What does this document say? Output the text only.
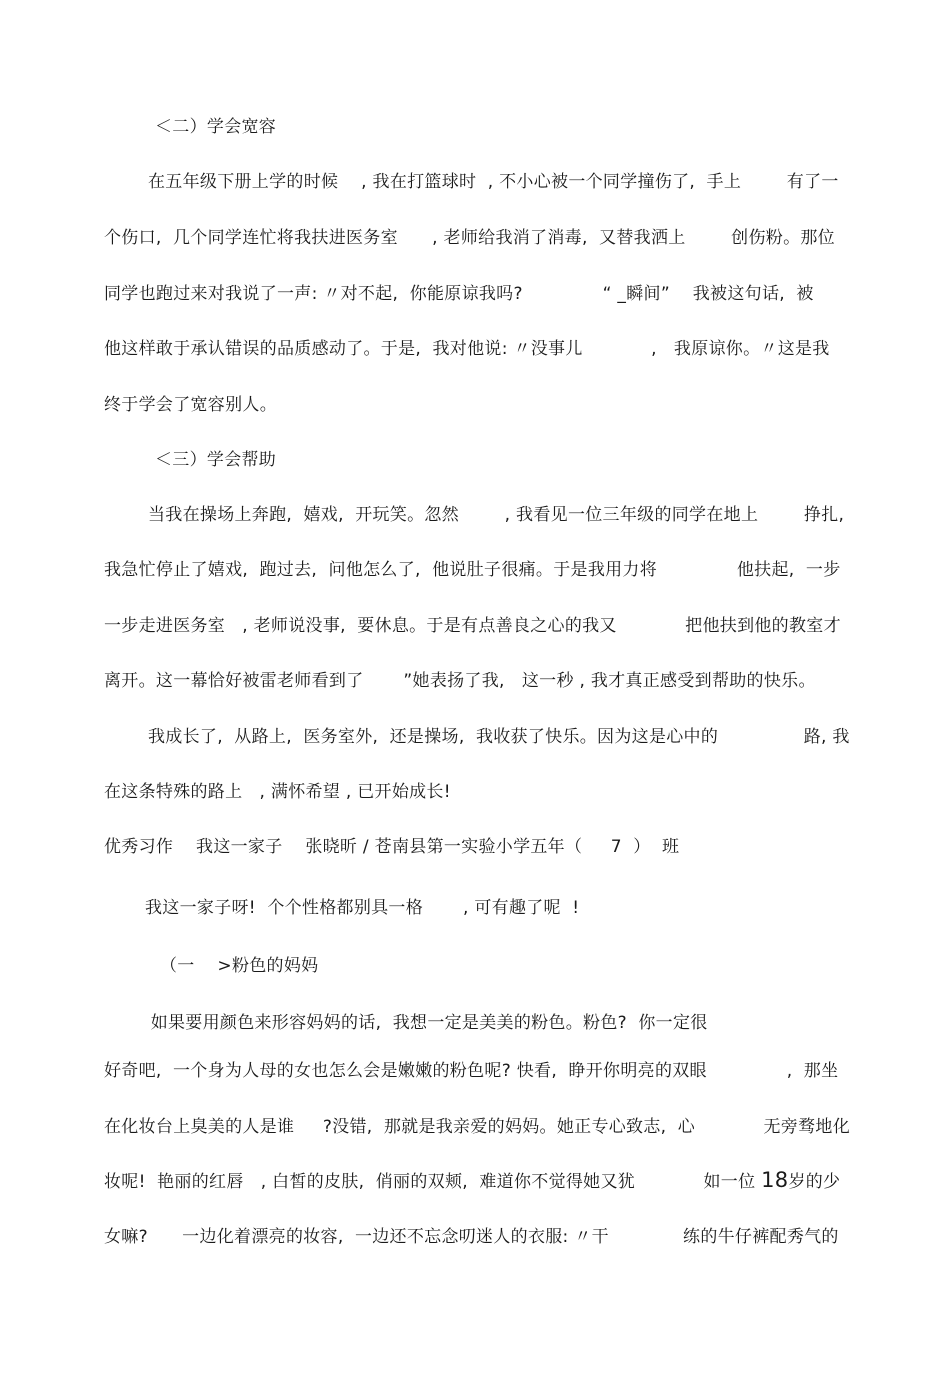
＜二）学会宽容
在五年级下册上学的时候    , 我在打篮球时  , 不小心被一个同学撞伤了,  手上        有了一
个伤口,  几个同学连忙将我扶进医务室      , 老师给我消了消毒,  又替我洒上        创伤粉。那位
同学也跑过来对我说了一声: 〃对不起,  你能原谅我吗?              “ _瞬间”    我被这句话,  被
他这样敢于承认错误的品质感动了。于是,  我对他说: 〃没事儿            ,   我原谅你。〃这是我
终于学会了宽容别人。
＜三）学会帮助
当我在操场上奔跑,  嬉戏,  开玩笑。忽然        , 我看见一位三年级的同学在地上        挣扎,
我急忙停止了嬉戏,  跑过去,  问他怎么了,  他说肚子很痛。于是我用力将              他扶起,  一步
一步走进医务室   , 老师说没事,  要休息。于是有点善良之心的我又            把他扶到他的教室才
离开。这一幕恰好被雷老师看到了       ”她表扬了我,   这一秒 , 我才真正感受到帮助的快乐。
我成长了,  从路上,  医务室外,  还是操场,  我收获了快乐。因为这是心中的               路, 我
在这条特殊的路上   , 满怀希望 , 已开始成长!
优秀习作    我这一家子    张晓昕 / 苍南县第一实验小学五年（     7  ）  班
我这一家子呀!  个个性格都别具一格       , 可有趣了呢  !
（一    >粉色的妈妈
如果要用颜色来形容妈妈的话,  我想一定是美美的粉色。粉色?  你一定很
好奇吧,  一个身为人母的女也怎么会是嫩嫩的粉色呢? 快看,  睁开你明亮的双眼              ,  那坐
在化妆台上臭美的人是谁     ?没错,  那就是我亲爱的妈妈。她正专心致志,  心            无旁骛地化
妆呢!  艳丽的红唇   , 白皙的皮肤,  俏丽的双颊,  难道你不觉得她又犹            如一位 18岁的少
女嘛?      一边化着漂亮的妆容,  一边还不忘念叨迷人的衣服: 〃干             练的牛仔裤配秀气的
